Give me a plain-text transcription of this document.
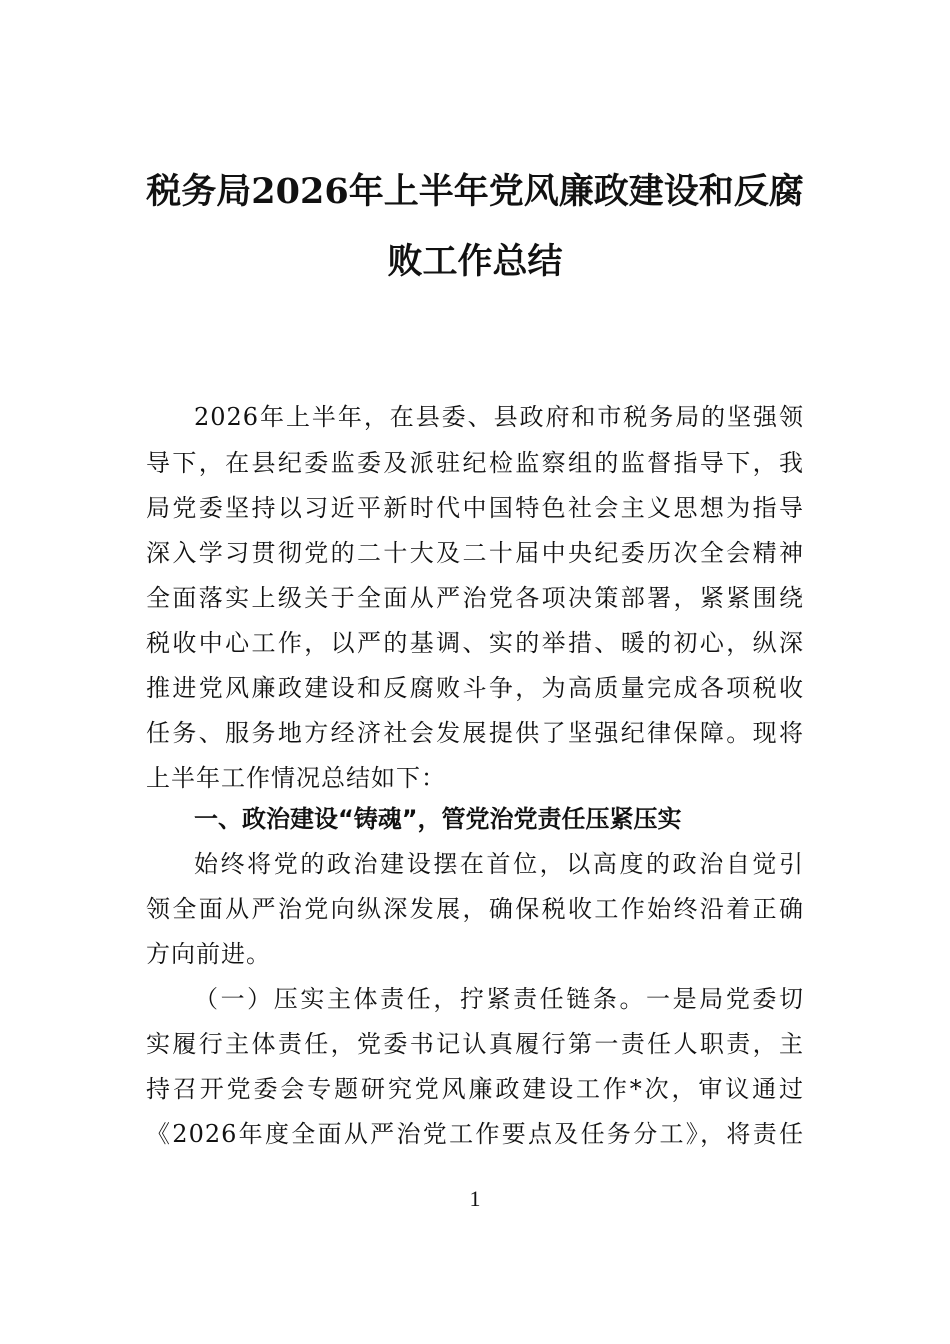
税务局2026年上半年党风廉政建设和反腐
败工作总结
2026年上半年，在县委、县政府和市税务局的坚强领
导下，在县纪委监委及派驻纪检监察组的监督指导下，我
局党委坚持以习近平新时代中国特色社会主义思想为指导
深入学习贯彻党的二十大及二十届中央纪委历次全会精神
全面落实上级关于全面从严治党各项决策部署，紧紧围绕
税收中心工作，以严的基调、实的举措、暖的初心，纵深
推进党风廉政建设和反腐败斗争，为高质量完成各项税收
任务、服务地方经济社会发展提供了坚强纪律保障。现将
上半年工作情况总结如下：
一、政治建设“铸魂”，管党治党责任压紧压实
始终将党的政治建设摆在首位，以高度的政治自觉引
领全面从严治党向纵深发展，确保税收工作始终沿着正确
方向前进。
（一）压实主体责任，拧紧责任链条。一是局党委切
实履行主体责任，党委书记认真履行第一责任人职责，主
持召开党委会专题研究党风廉政建设工作*次，审议通过
《2026年度全面从严治党工作要点及任务分工》，将责任
1
